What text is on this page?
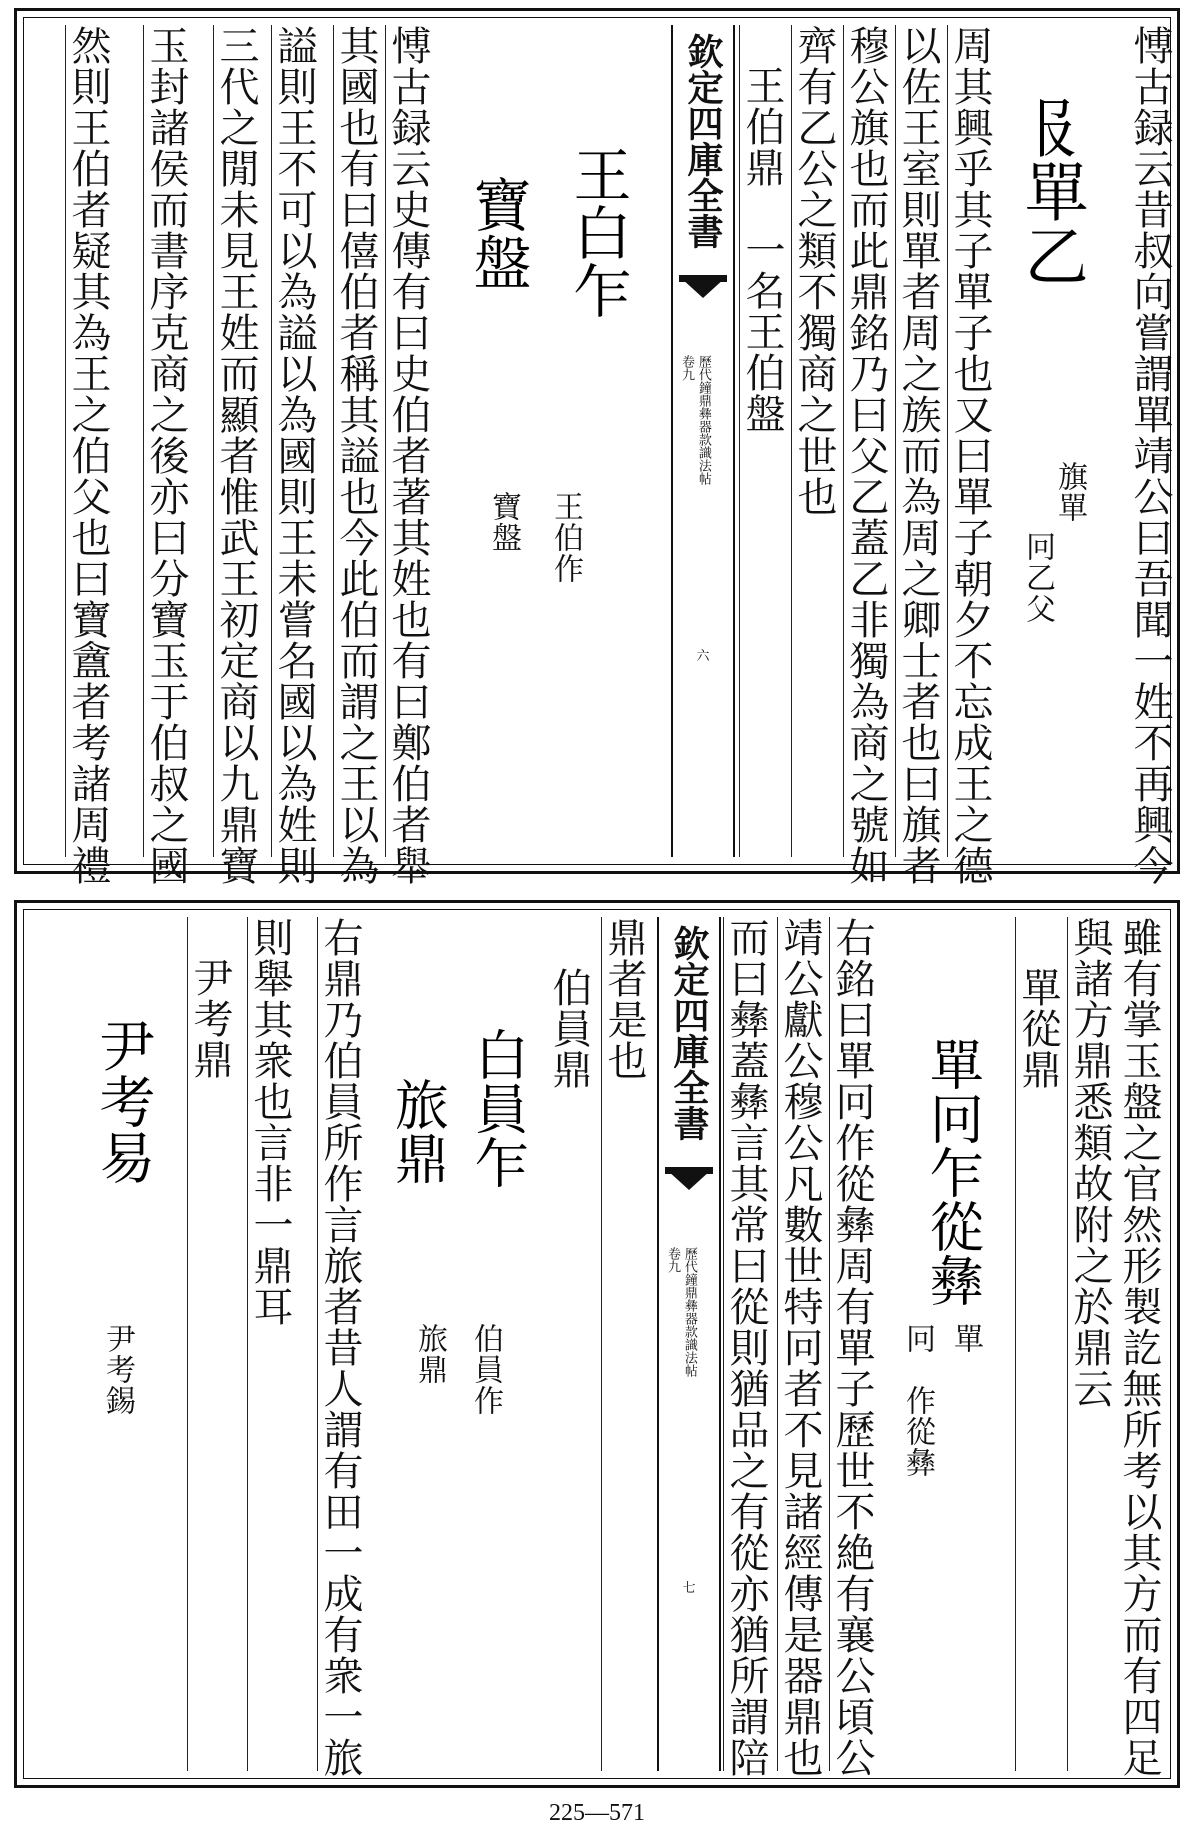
愽古録云昔叔向嘗謂單靖公曰吾聞一姓不再興今
𠬝單乙
旗單
冋乙父
周其興乎其子單子也又曰單子朝夕不忘成王之德
以佐王室則單者周之族而為周之卿士者也曰旗者
穆公旗也而此鼎銘乃曰父乙蓋乙非獨為商之號如
齊有乙公之類不獨商之世也
王伯鼎　一名王伯盤
欽定四庫全書
歷代鐘鼎彝器款識法帖
卷九
六
王白乍
寶盤
王伯作
寶盤
愽古録云史傳有曰史伯者著其姓也有曰鄭伯者舉
其國也有曰僖伯者稱其謚也今此伯而謂之王以為
謚則王不可以為謚以為國則王未嘗名國以為姓則
三代之閒未見王姓而顯者惟武王初定商以九鼎寶
玉封諸侯而書序克商之後亦曰分寶玉于伯叔之國
然則王伯者疑其為王之伯父也曰寶盦者考諸周禮
雖有掌玉盤之官然形製訖無所考以其方而有四足
與諸方鼎悉類故附之於鼎云
單從鼎
單冋乍從彝
單
冋　作從彝
右銘曰單冋作從彝周有單子歷世不絶有襄公頃公
靖公獻公穆公凡數世特冋者不見諸經傳是器鼎也
而曰彝蓋彝言其常曰從則猶品之有從亦猶所謂陪
欽定四庫全書
歷代鐘鼎彝器款識法帖
卷九
七
鼎者是也
伯員鼎
白員乍
旅鼎
伯員作
旅鼎
右鼎乃伯員所作言旅者昔人謂有田一成有衆一旅
則舉其衆也言非一鼎耳
尹考鼎
尹考易
尹考錫
225—571
